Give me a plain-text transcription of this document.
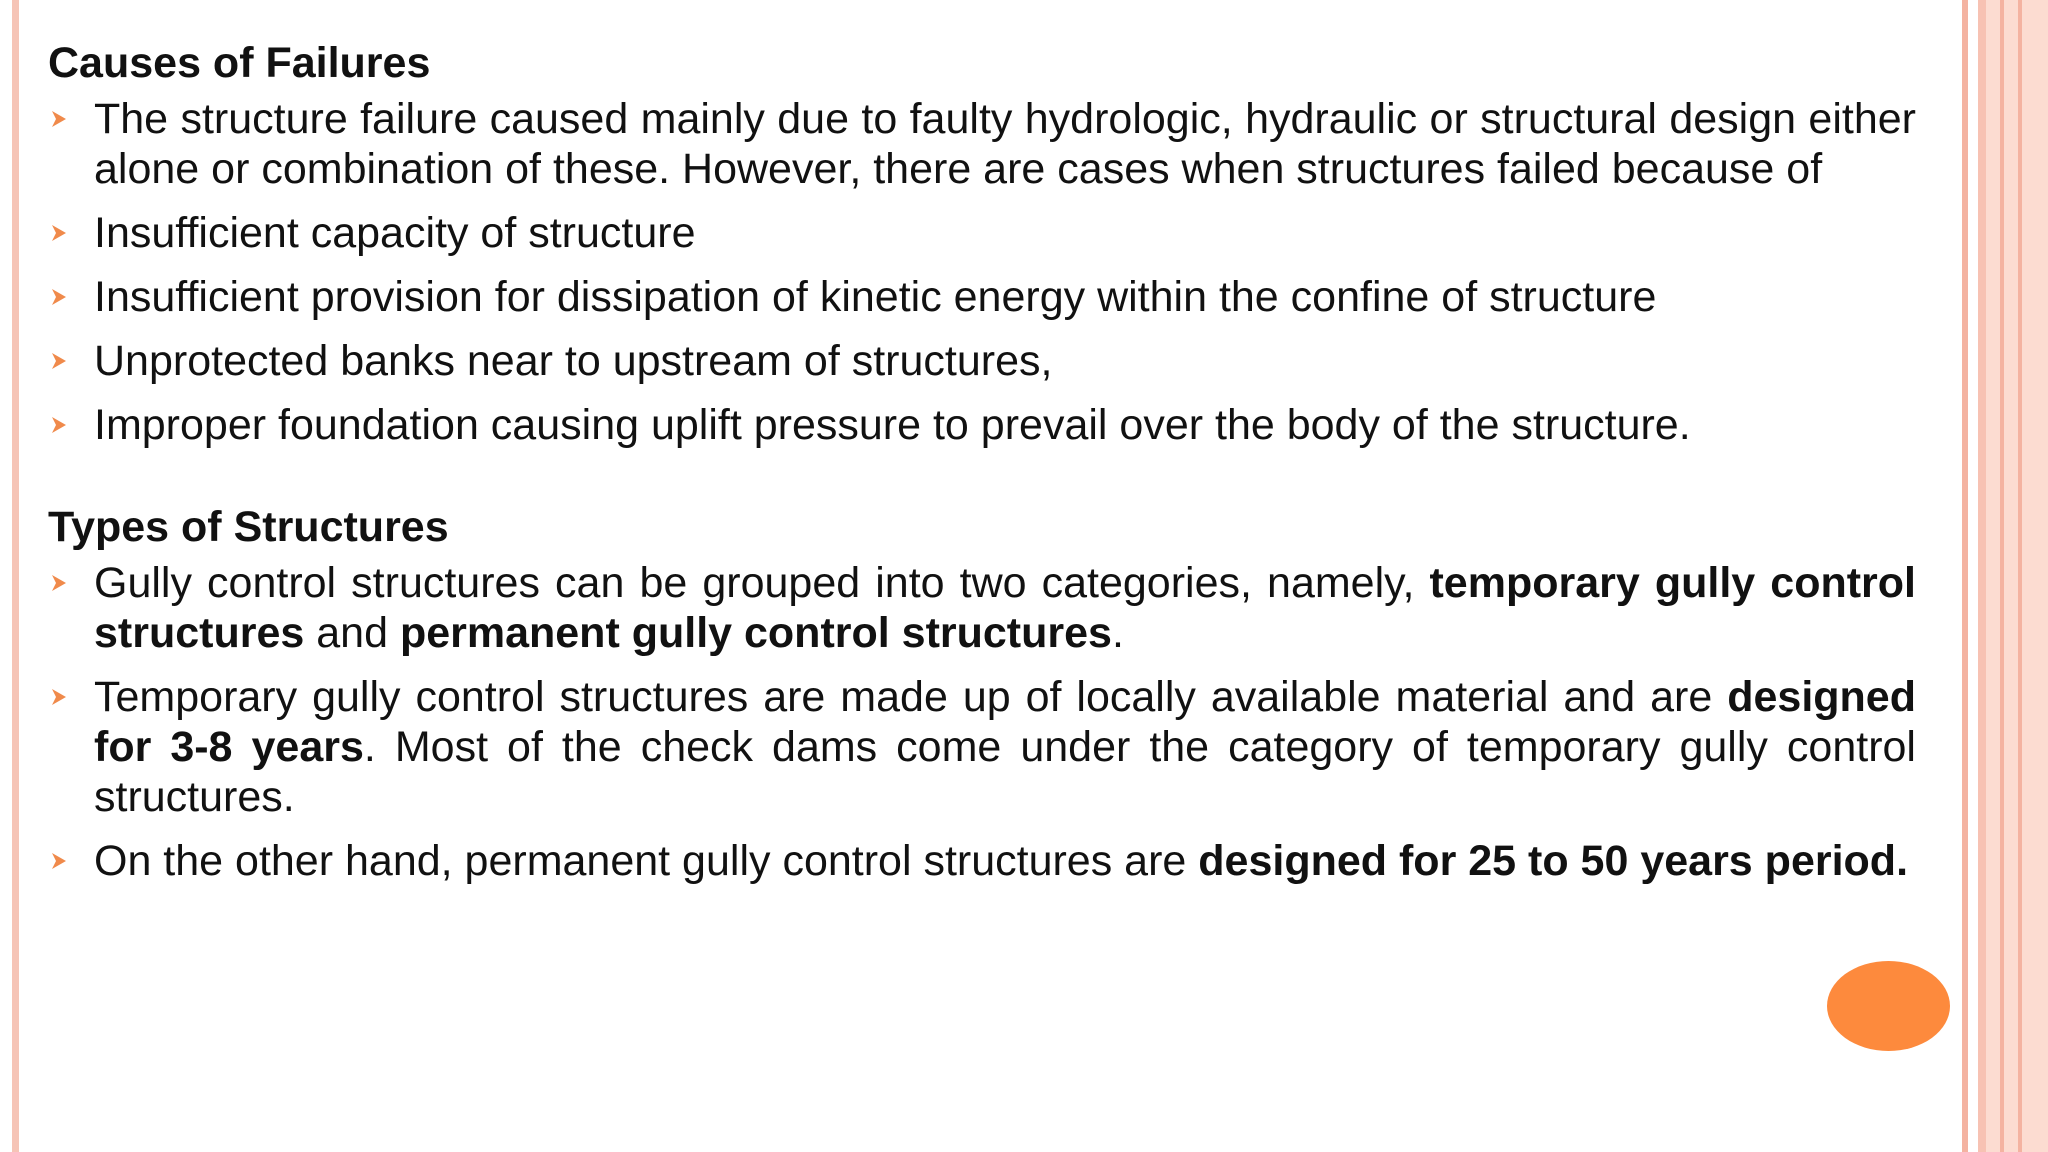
Causes of Failures
The structure failure caused mainly due to faulty hydrologic, hydraulic or structural design either alone or combination of these. However, there are cases when structures failed because of
Insufficient capacity of structure
Insufficient provision for dissipation of kinetic energy within the confine of structure
Unprotected banks near to upstream of structures,
Improper foundation causing uplift pressure to prevail over the body of the structure.
Types of Structures
Gully control structures can be grouped into two categories, namely, temporary gully control structures and permanent gully control structures.
Temporary gully control structures are made up of locally available material and are designed for 3-8 years. Most of the check dams come under the category of temporary gully control structures.
On the other hand, permanent gully control structures are designed for 25 to 50 years period.
